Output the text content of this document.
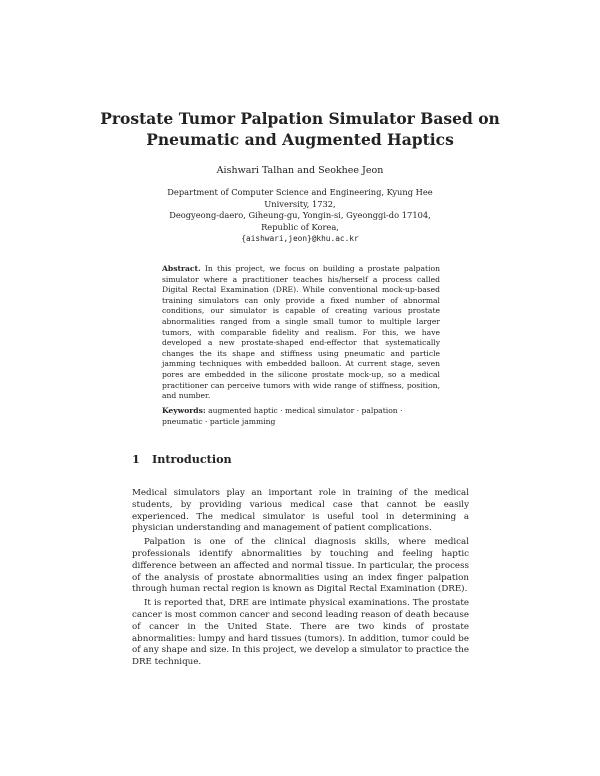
Prostate Tumor Palpation Simulator Based on
Pneumatic and Augmented Haptics
Aishwari Talhan and Seokhee Jeon
Department of Computer Science and Engineering, Kyung Hee University, 1732,
Deogyeong-daero, Giheung-gu, Yongin-si, Gyeonggi-do 17104, Republic of Korea,
{aishwari,jeon}@khu.ac.kr
Abstract. In this project, we focus on building a prostate palpation simulator where a practitioner teaches his/herself a process called Digital Rectal Examination (DRE). While conventional mock-up-based training simulators can only provide a fixed number of abnormal conditions, our simulator is capable of creating various prostate abnormalities ranged from a single small tumor to multiple larger tumors, with comparable fidelity and realism. For this, we have developed a new prostate-shaped end-effector that systematically changes the its shape and stiffness using pneumatic and particle jamming techniques with embedded balloon. At current stage, seven pores are embedded in the silicone prostate mock-up, so a medical practitioner can perceive tumors with wide range of stiffness, position, and number.
Keywords: augmented haptic · medical simulator · palpation · pneumatic · particle jamming
1 Introduction

Medical simulators play an important role in training of the medical students, by providing various medical case that cannot be easily experienced. The medical simulator is useful tool in determining a physician understanding and management of patient complications.

Palpation is one of the clinical diagnosis skills, where medical professionals identify abnormalities by touching and feeling haptic difference between an affected and normal tissue. In particular, the process of the analysis of prostate abnormalities using an index finger palpation through human rectal region is known as Digital Rectal Examination (DRE).

It is reported that, DRE are intimate physical examinations. The prostate cancer is most common cancer and second leading reason of death because of cancer in the United State. There are two kinds of prostate abnormalities: lumpy and hard tissues (tumors). In addition, tumor could be of any shape and size. In this project, we develop a simulator to practice the DRE technique.
